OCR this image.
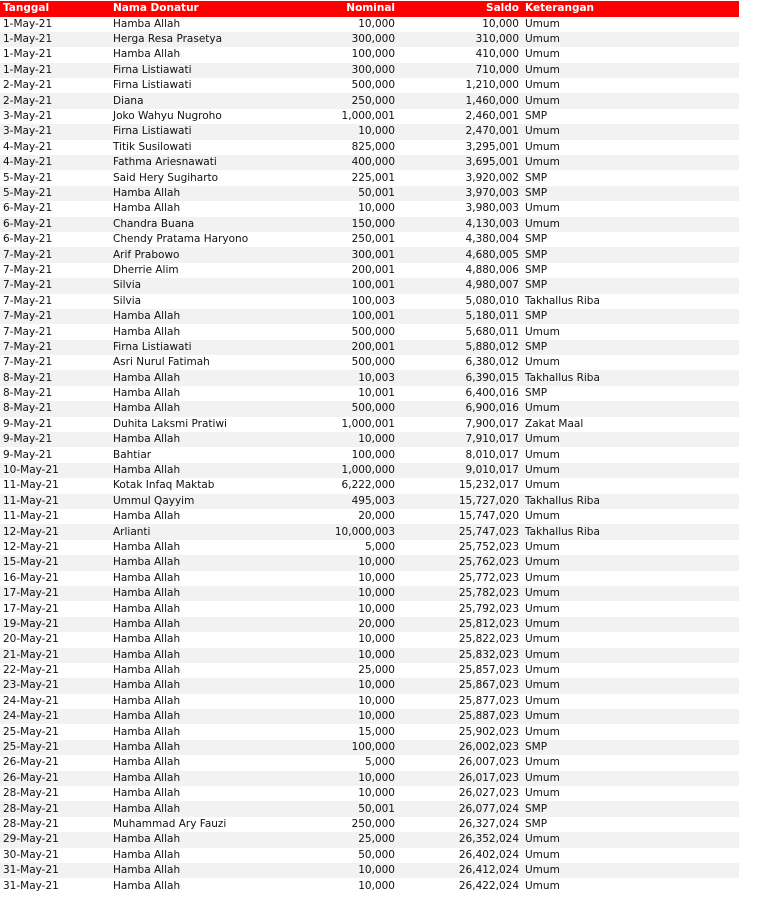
Tanggal	Nama Donatur	Nominal	Saldo	Keterangan
1-May-21	Hamba Allah	10,000	10,000	Umum
1-May-21	Herga Resa Prasetya	300,000	310,000	Umum
1-May-21	Hamba Allah	100,000	410,000	Umum
1-May-21	Firna Listiawati	300,000	710,000	Umum
2-May-21	Firna Listiawati	500,000	1,210,000	Umum
2-May-21	Diana	250,000	1,460,000	Umum
3-May-21	Joko Wahyu Nugroho	1,000,001	2,460,001	SMP
3-May-21	Firna Listiawati	10,000	2,470,001	Umum
4-May-21	Titik Susilowati	825,000	3,295,001	Umum
4-May-21	Fathma Ariesnawati	400,000	3,695,001	Umum
5-May-21	Said Hery Sugiharto	225,001	3,920,002	SMP
5-May-21	Hamba Allah	50,001	3,970,003	SMP
6-May-21	Hamba Allah	10,000	3,980,003	Umum
6-May-21	Chandra Buana	150,000	4,130,003	Umum
6-May-21	Chendy Pratama Haryono	250,001	4,380,004	SMP
7-May-21	Arif Prabowo	300,001	4,680,005	SMP
7-May-21	Dherrie Alim	200,001	4,880,006	SMP
7-May-21	Silvia	100,001	4,980,007	SMP
7-May-21	Silvia	100,003	5,080,010	Takhallus Riba
7-May-21	Hamba Allah	100,001	5,180,011	SMP
7-May-21	Hamba Allah	500,000	5,680,011	Umum
7-May-21	Firna Listiawati	200,001	5,880,012	SMP
7-May-21	Asri Nurul Fatimah	500,000	6,380,012	Umum
8-May-21	Hamba Allah	10,003	6,390,015	Takhallus Riba
8-May-21	Hamba Allah	10,001	6,400,016	SMP
8-May-21	Hamba Allah	500,000	6,900,016	Umum
9-May-21	Duhita Laksmi Pratiwi	1,000,001	7,900,017	Zakat Maal
9-May-21	Hamba Allah	10,000	7,910,017	Umum
9-May-21	Bahtiar	100,000	8,010,017	Umum
10-May-21	Hamba Allah	1,000,000	9,010,017	Umum
11-May-21	Kotak Infaq Maktab	6,222,000	15,232,017	Umum
11-May-21	Ummul Qayyim	495,003	15,727,020	Takhallus Riba
11-May-21	Hamba Allah	20,000	15,747,020	Umum
12-May-21	Arlianti	10,000,003	25,747,023	Takhallus Riba
12-May-21	Hamba Allah	5,000	25,752,023	Umum
15-May-21	Hamba Allah	10,000	25,762,023	Umum
16-May-21	Hamba Allah	10,000	25,772,023	Umum
17-May-21	Hamba Allah	10,000	25,782,023	Umum
17-May-21	Hamba Allah	10,000	25,792,023	Umum
19-May-21	Hamba Allah	20,000	25,812,023	Umum
20-May-21	Hamba Allah	10,000	25,822,023	Umum
21-May-21	Hamba Allah	10,000	25,832,023	Umum
22-May-21	Hamba Allah	25,000	25,857,023	Umum
23-May-21	Hamba Allah	10,000	25,867,023	Umum
24-May-21	Hamba Allah	10,000	25,877,023	Umum
24-May-21	Hamba Allah	10,000	25,887,023	Umum
25-May-21	Hamba Allah	15,000	25,902,023	Umum
25-May-21	Hamba Allah	100,000	26,002,023	SMP
26-May-21	Hamba Allah	5,000	26,007,023	Umum
26-May-21	Hamba Allah	10,000	26,017,023	Umum
28-May-21	Hamba Allah	10,000	26,027,023	Umum
28-May-21	Hamba Allah	50,001	26,077,024	SMP
28-May-21	Muhammad Ary Fauzi	250,000	26,327,024	SMP
29-May-21	Hamba Allah	25,000	26,352,024	Umum
30-May-21	Hamba Allah	50,000	26,402,024	Umum
31-May-21	Hamba Allah	10,000	26,412,024	Umum
31-May-21	Hamba Allah	10,000	26,422,024	Umum
